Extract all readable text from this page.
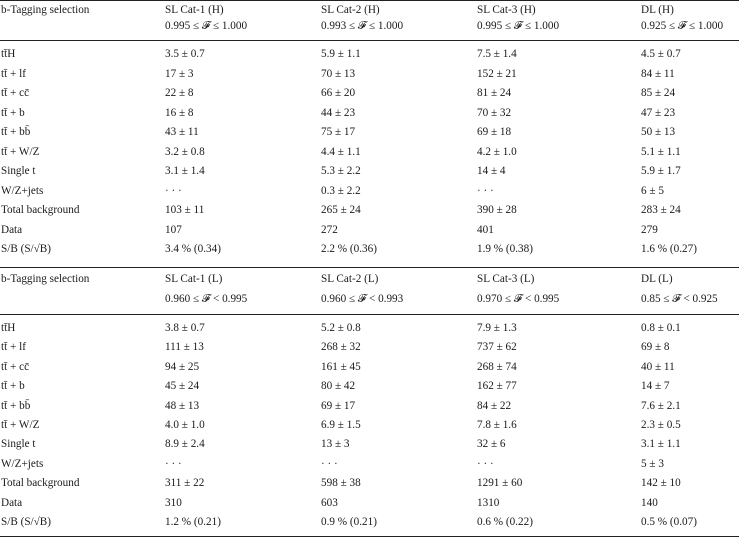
b-Tagging selection	SL Cat-1 (H)	SL Cat-2 (H)	SL Cat-3 (H)	DL (H)
0.995 ≤ 𝓕 ≤ 1.000	0.993 ≤ 𝓕 ≤ 1.000	0.995 ≤ 𝓕 ≤ 1.000	0.925 ≤ 𝓕 ≤ 1.000
tt̄H	3.5 ± 0.7	5.9 ± 1.1	7.5 ± 1.4	4.5 ± 0.7
tt̄ + lf	17 ± 3	70 ± 13	152 ± 21	84 ± 11
tt̄ + cc̄	22 ± 8	66 ± 20	81 ± 24	85 ± 24
tt̄ + b	16 ± 8	44 ± 23	70 ± 32	47 ± 23
tt̄ + bb̄	43 ± 11	75 ± 17	69 ± 18	50 ± 13
tt̄ + W/Z	3.2 ± 0.8	4.4 ± 1.1	4.2 ± 1.0	5.1 ± 1.1
Single t	3.1 ± 1.4	5.3 ± 2.2	14 ± 4	5.9 ± 1.7
W/Z+jets	· · ·	0.3 ± 2.2	· · ·	6 ± 5
Total background	103 ± 11	265 ± 24	390 ± 28	283 ± 24
Data	107	272	401	279
S/B (S/√B)	3.4 % (0.34)	2.2 % (0.36)	1.9 % (0.38)	1.6 % (0.27)
b-Tagging selection	SL Cat-1 (L)	SL Cat-2 (L)	SL Cat-3 (L)	DL (L)
0.960 ≤ 𝓕 < 0.995	0.960 ≤ 𝓕 < 0.993	0.970 ≤ 𝓕 < 0.995	0.85 ≤ 𝓕 < 0.925
tt̄H	3.8 ± 0.7	5.2 ± 0.8	7.9 ± 1.3	0.8 ± 0.1
tt̄ + lf	111 ± 13	268 ± 32	737 ± 62	69 ± 8
tt̄ + cc̄	94 ± 25	161 ± 45	268 ± 74	40 ± 11
tt̄ + b	45 ± 24	80 ± 42	162 ± 77	14 ± 7
tt̄ + bb̄	48 ± 13	69 ± 17	84 ± 22	7.6 ± 2.1
tt̄ + W/Z	4.0 ± 1.0	6.9 ± 1.5	7.8 ± 1.6	2.3 ± 0.5
Single t	8.9 ± 2.4	13 ± 3	32 ± 6	3.1 ± 1.1
W/Z+jets	· · ·	· · ·	· · ·	5 ± 3
Total background	311 ± 22	598 ± 38	1291 ± 60	142 ± 10
Data	310	603	1310	140
S/B (S/√B)	1.2 % (0.21)	0.9 % (0.21)	0.6 % (0.22)	0.5 % (0.07)
